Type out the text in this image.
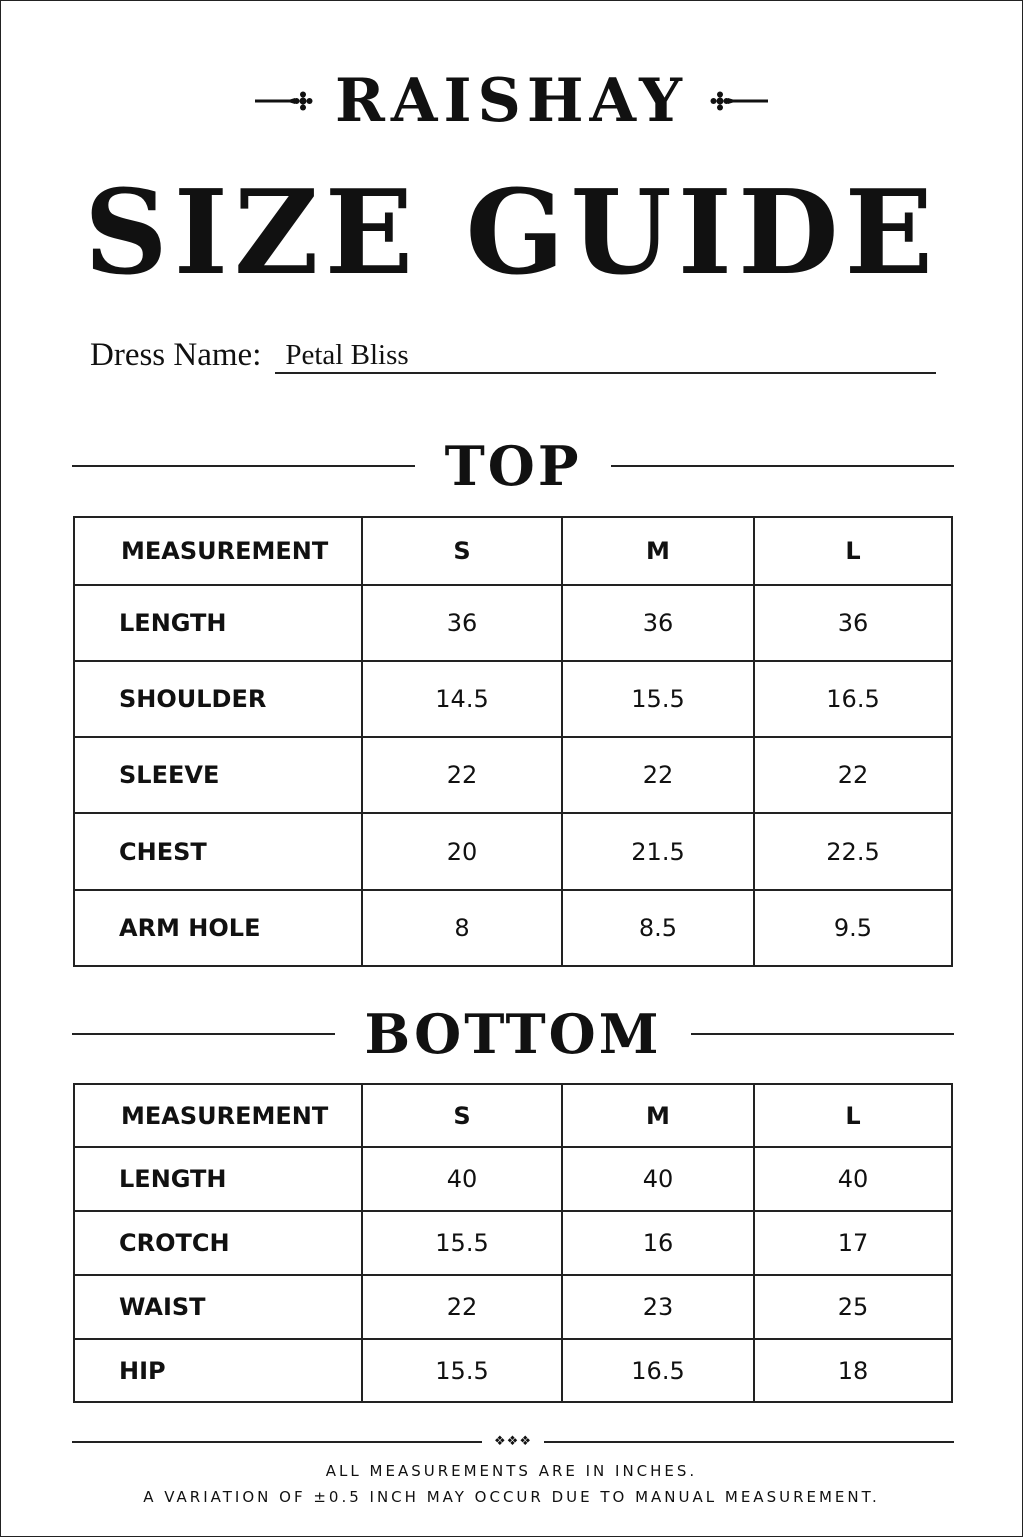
RAISHAY
SIZE GUIDE
Dress Name: Petal Bliss
TOP
MEASUREMENT	S	M	L
LENGTH	36	36	36
SHOULDER	14.5	15.5	16.5
SLEEVE	22	22	22
CHEST	20	21.5	22.5
ARM HOLE	8	8.5	9.5
BOTTOM
MEASUREMENT	S	M	L
LENGTH	40	40	40
CROTCH	15.5	16	17
WAIST	22	23	25
HIP	15.5	16.5	18
❖❖❖
ALL MEASUREMENTS ARE IN INCHES.
A VARIATION OF ±0.5 INCH MAY OCCUR DUE TO MANUAL MEASUREMENT.
